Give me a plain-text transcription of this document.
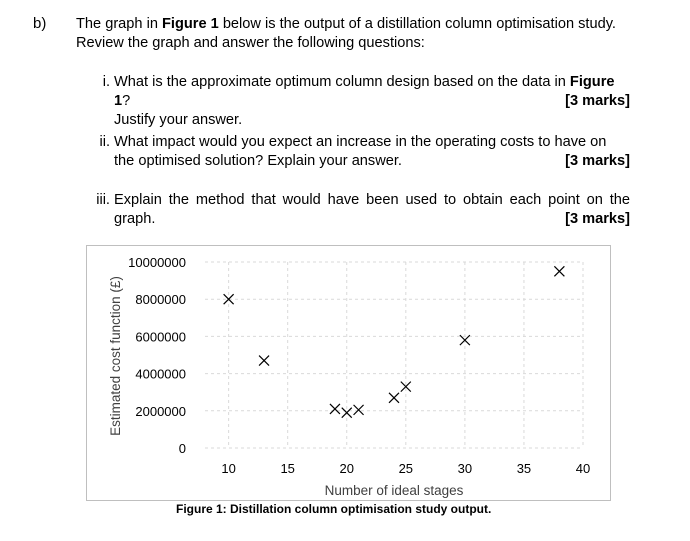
b) The graph in Figure 1 below is the output of a distillation column optimisation study.
Review the graph and answer the following questions:
i. What is the approximate optimum column design based on the data in Figure 1?
Justify your answer.
[3 marks]
ii. What impact would you expect an increase in the operating costs to have on
the optimised solution? Explain your answer.	[3 marks]
iii. Explain the method that would have been used to obtain each point on the
graph.	[3 marks]
Estimated cost function (£)
Number of ideal stages
0
2000000
4000000
6000000
8000000
10000000
10	15	20	25	30	35	40
Figure 1: Distillation column optimisation study output.
